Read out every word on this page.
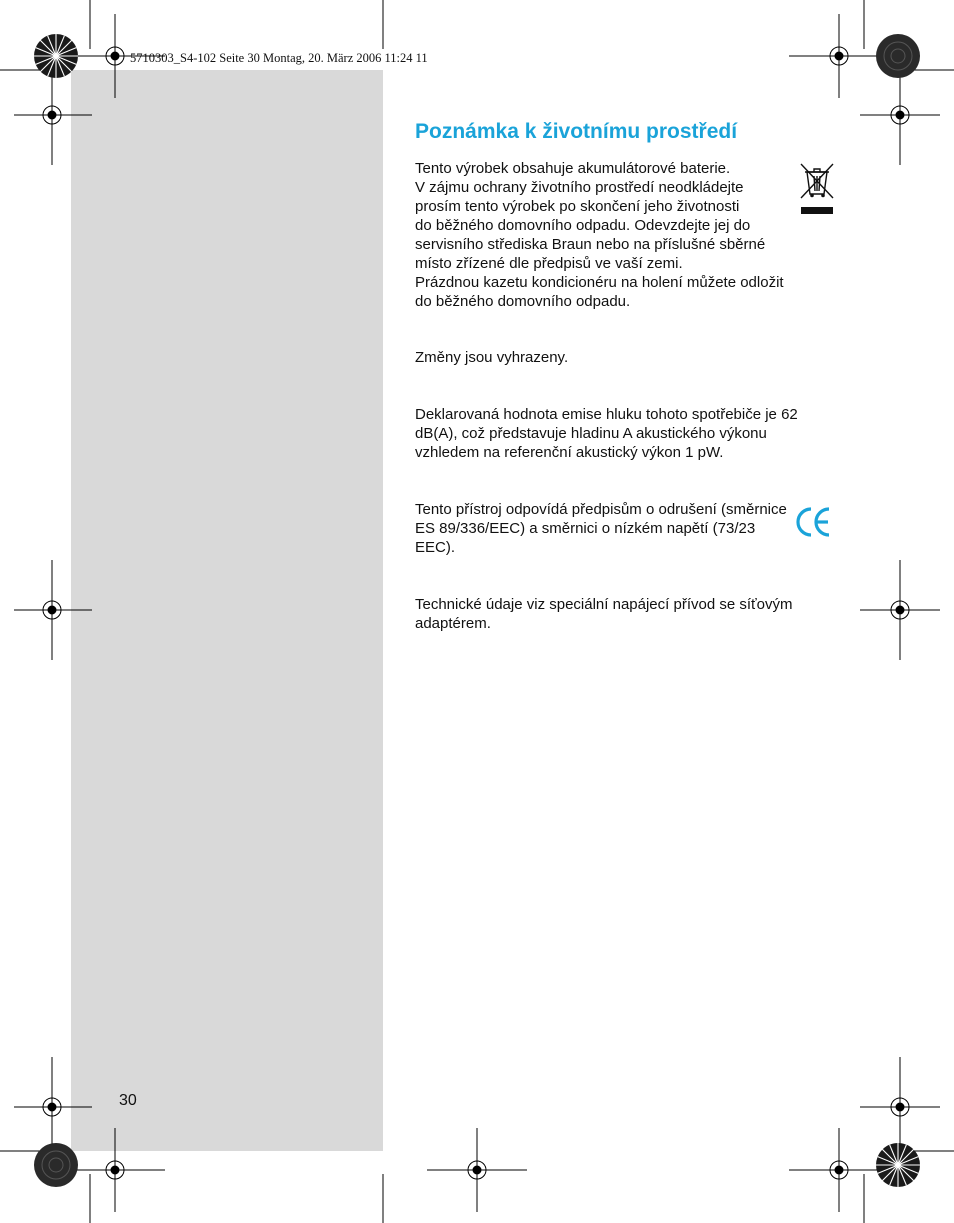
5710303_S4-102 Seite 30 Montag, 20. März 2006 11:24 11
Poznámka k životnímu prostředí
Tento výrobek obsahuje akumulátorové baterie.
V zájmu ochrany životního prostředí neodkládejte
prosím tento výrobek po skončení jeho životnosti
do běžného domovního odpadu. Odevzdejte jej do
servisního střediska Braun nebo na příslušné sběrné
místo zřízené dle předpisů ve vaší zemi.
Prázdnou kazetu kondicionéru na holení můžete odložit
do běžného domovního odpadu.
Změny jsou vyhrazeny.
Deklarovaná hodnota emise hluku tohoto spotřebiče je 62 dB(A), což představuje hladinu A akustického výkonu vzhledem na referenční akustický výkon 1 pW.
Tento přístroj odpovídá předpisům o odrušení (směrnice ES 89/336/EEC) a směrnici o nízkém napětí (73/23 EEC).
Technické údaje viz speciální napájecí přívod se síťovým adaptérem.
30
